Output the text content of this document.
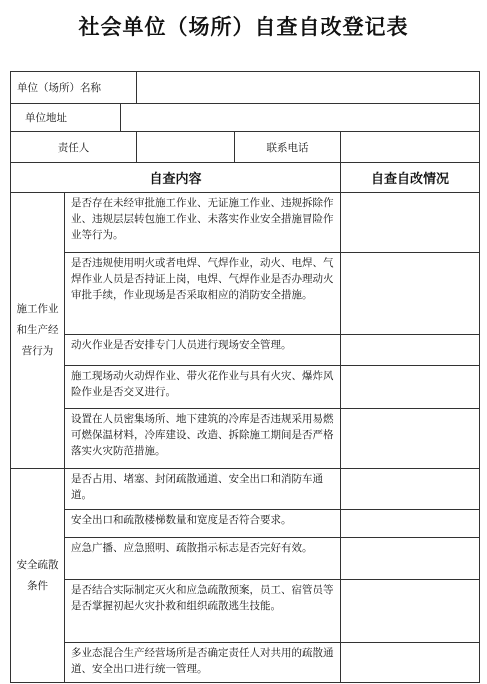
社会单位（场所）自查自改登记表
单位（场所）名称					
单位地址					
责任人				联系电话	
自查内容					自查自改情况
施工作业和生产经营行为	是否存在未经审批施工作业、无证施工作业、违规拆除作业、违规层层转包施工作业、未落实作业安全措施冒险作业等行为。				
	是否违规使用明火或者电焊、气焊作业，动火、电焊、气焊作业人员是否持证上岗，电焊、气焊作业是否办理动火审批手续，作业现场是否采取相应的消防安全措施。				
	动火作业是否安排专门人员进行现场安全管理。				
	施工现场动火动焊作业、带火花作业与具有火灾、爆炸风险作业是否交叉进行。				
	设置在人员密集场所、地下建筑的冷库是否违规采用易燃可燃保温材料，冷库建设、改造、拆除施工期间是否严格落实火灾防范措施。				
安全疏散条件	是否占用、堵塞、封闭疏散通道、安全出口和消防车通道。				
	安全出口和疏散楼梯数量和宽度是否符合要求。				
	应急广播、应急照明、疏散指示标志是否完好有效。				
	是否结合实际制定灭火和应急疏散预案，员工、宿管员等是否掌握初起火灾扑救和组织疏散逃生技能。				
	多业态混合生产经营场所是否确定责任人对共用的疏散通道、安全出口进行统一管理。				
